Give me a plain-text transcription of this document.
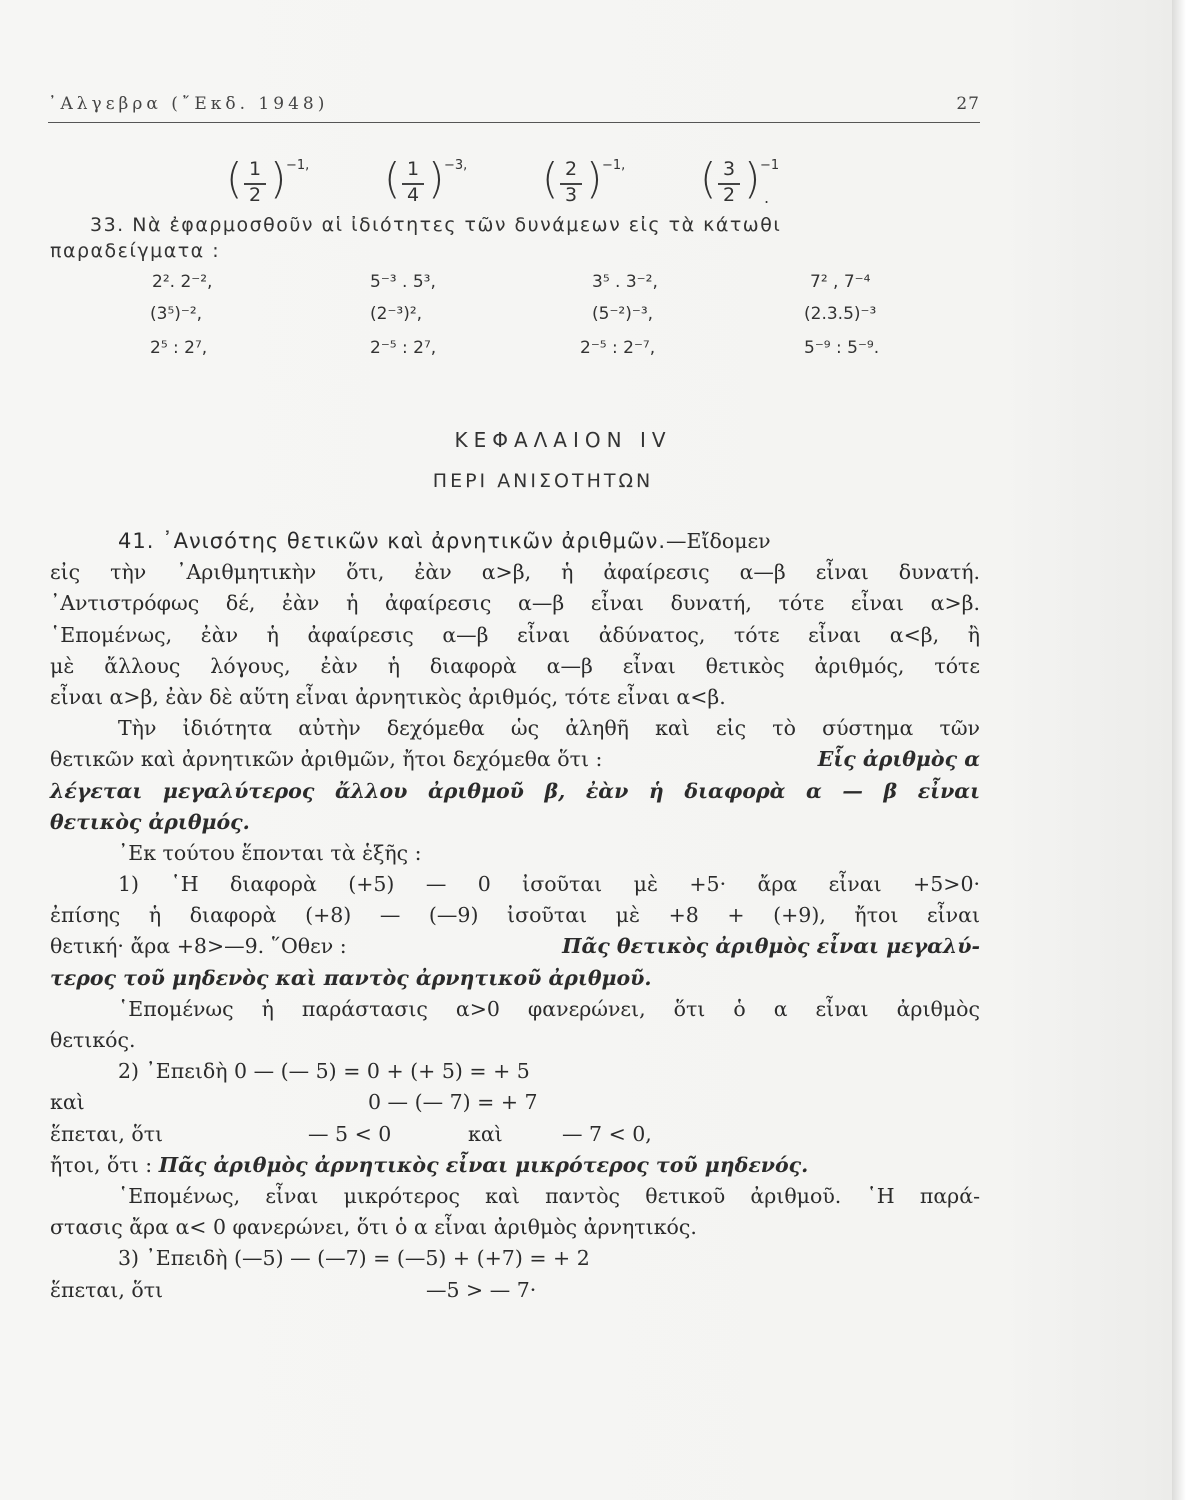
᾿Αλγεβρα (῎Εκδ. 1948)	27
( 1
2 ) −1, ( 1
4 ) −3, ( 2
3 ) −1, ( 3
2 ) −1
.
33. Νὰ ἐφαρμοσθοῦν αἱ ἰδιότητες τῶν δυνάμεων εἰς τὰ κάτωθι
παραδείγματα :
2². 2⁻²,	5⁻³ . 5³,	3⁵ . 3⁻²,	7² , 7⁻⁴
(3⁵)⁻²,	(2⁻³)²,	(5⁻²)⁻³,	(2.3.5)⁻³
2⁵ : 2⁷,	2⁻⁵ : 2⁷,	2⁻⁵ : 2⁻⁷,	5⁻⁹ : 5⁻⁹.
ΚΕΦΑΛΑΙΟΝ IV
ΠΕΡΙ ΑΝΙΣΟΤΗΤΩΝ
41. ᾿Ανισότης θετικῶν καὶ ἀρνητικῶν ἀριθμῶν.—Εἴδομεν
εἰς τὴν ᾿Αριθμητικὴν ὅτι, ἐὰν α>β, ἡ ἀφαίρεσις α—β εἶναι δυνατή.
᾿Αντιστρόφως δέ, ἐὰν ἡ ἀφαίρεσις α—β εἶναι δυνατή, τότε εἶναι α>β.
῾Επομένως, ἐὰν ἡ ἀφαίρεσις α—β εἶναι ἀδύνατος, τότε εἶναι α<β, ἢ
μὲ ἄλλους λόγους, ἐὰν ἡ διαφορὰ α—β εἶναι θετικὸς ἀριθμός, τότε
εἶναι α>β, ἐὰν δὲ αὕτη εἶναι ἀρνητικὸς ἀριθμός, τότε εἶναι α<β.
Τὴν ἰδιότητα αὐτὴν δεχόμεθα ὡς ἀληθῆ καὶ εἰς τὸ σύστημα τῶν
θετικῶν καὶ ἀρνητικῶν ἀριθμῶν, ἤτοι δεχόμεθα ὅτι :	Εἷς ἀριθμὸς α
λέγεται μεγαλύτερος ἄλλου ἀριθμοῦ β, ἐὰν ἡ διαφορὰ α — β εἶναι
θετικὸς ἀριθμός.
᾿Εκ τούτου ἕπονται τὰ ἑξῆς :
1) ῾Η διαφορὰ (+5) — 0 ἰσοῦται μὲ +5· ἄρα εἶναι +5>0·
ἐπίσης ἡ διαφορὰ (+8) — (—9) ἰσοῦται μὲ +8 + (+9), ἤτοι εἶναι
θετική· ἄρα +8>—9. ῞Οθεν :	Πᾶς θετικὸς ἀριθμὸς εἶναι μεγαλύ-
τερος τοῦ μηδενὸς καὶ παντὸς ἀρνητικοῦ ἀριθμοῦ.
῾Επομένως ἡ παράστασις α>0 φανερώνει, ὅτι ὁ α εἶναι ἀριθμὸς
θετικός.
2) ᾿Επειδὴ 0 — (— 5) = 0 + (+ 5) = + 5
καὶ	0 — (— 7) = + 7
ἕπεται, ὅτι	— 5 < 0	καὶ	— 7 < 0,
ἤτοι, ὅτι : Πᾶς ἀριθμὸς ἀρνητικὸς εἶναι μικρότερος τοῦ μηδενός.
῾Επομένως, εἶναι μικρότερος καὶ παντὸς θετικοῦ ἀριθμοῦ. ῾Η παρά-
στασις ἄρα α< 0 φανερώνει, ὅτι ὁ α εἶναι ἀριθμὸς ἀρνητικός.
3) ᾿Επειδὴ (—5) — (—7) = (—5) + (+7) = + 2
ἕπεται, ὅτι	—5 > — 7·
